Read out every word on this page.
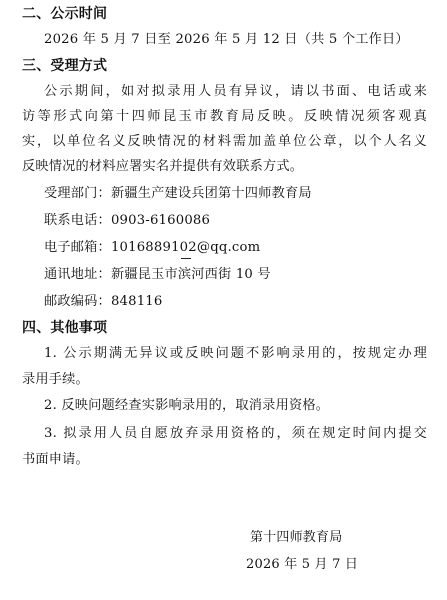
二、公示时间
2026 年 5 月 7 日至 2026 年 5 月 12 日（共 5 个工作日）
三、受理方式
公示期间，如对拟录用人员有异议，请以书面、电话或来
访等形式向第十四师昆玉市教育局反映。反映情况须客观真
实，以单位名义反映情况的材料需加盖单位公章，以个人名义
反映情况的材料应署实名并提供有效联系方式。
受理部门：新疆生产建设兵团第十四师教育局
联系电话：0903-6160086
电子邮箱：1016889102@qq.com
通讯地址：新疆昆玉市滨河西街 10 号
邮政编码：848116
四、其他事项
1. 公示期满无异议或反映问题不影响录用的，按规定办理
录用手续。
2. 反映问题经查实影响录用的，取消录用资格。
3. 拟录用人员自愿放弃录用资格的，须在规定时间内提交
书面申请。
第十四师教育局
2026 年 5 月 7 日
